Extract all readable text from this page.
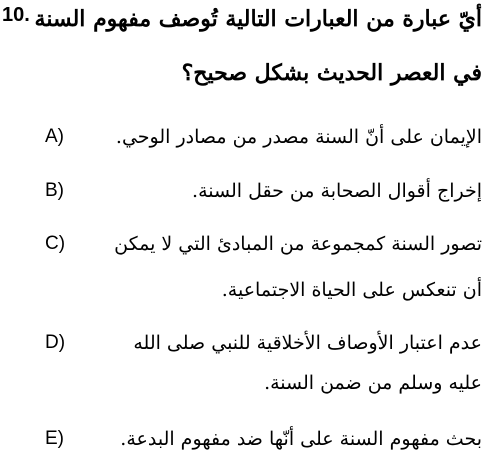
10. أيّ عبارة من العبارات التالية تُوصف مفهوم السنة
في العصر الحديث بشكل صحيح؟
A)	الإيمان على أنّ السنة مصدر من مصادر الوحي.
B)	إخراج أقوال الصحابة من حقل السنة.
C)	تصور السنة كمجموعة من المبادئ التي لا يمكن
أن تنعكس على الحياة الاجتماعية.
D)	عدم اعتبار الأوصاف الأخلاقية للنبي صلى الله
عليه وسلم من ضمن السنة.
E)	بحث مفهوم السنة على أنّها ضد مفهوم البدعة.
